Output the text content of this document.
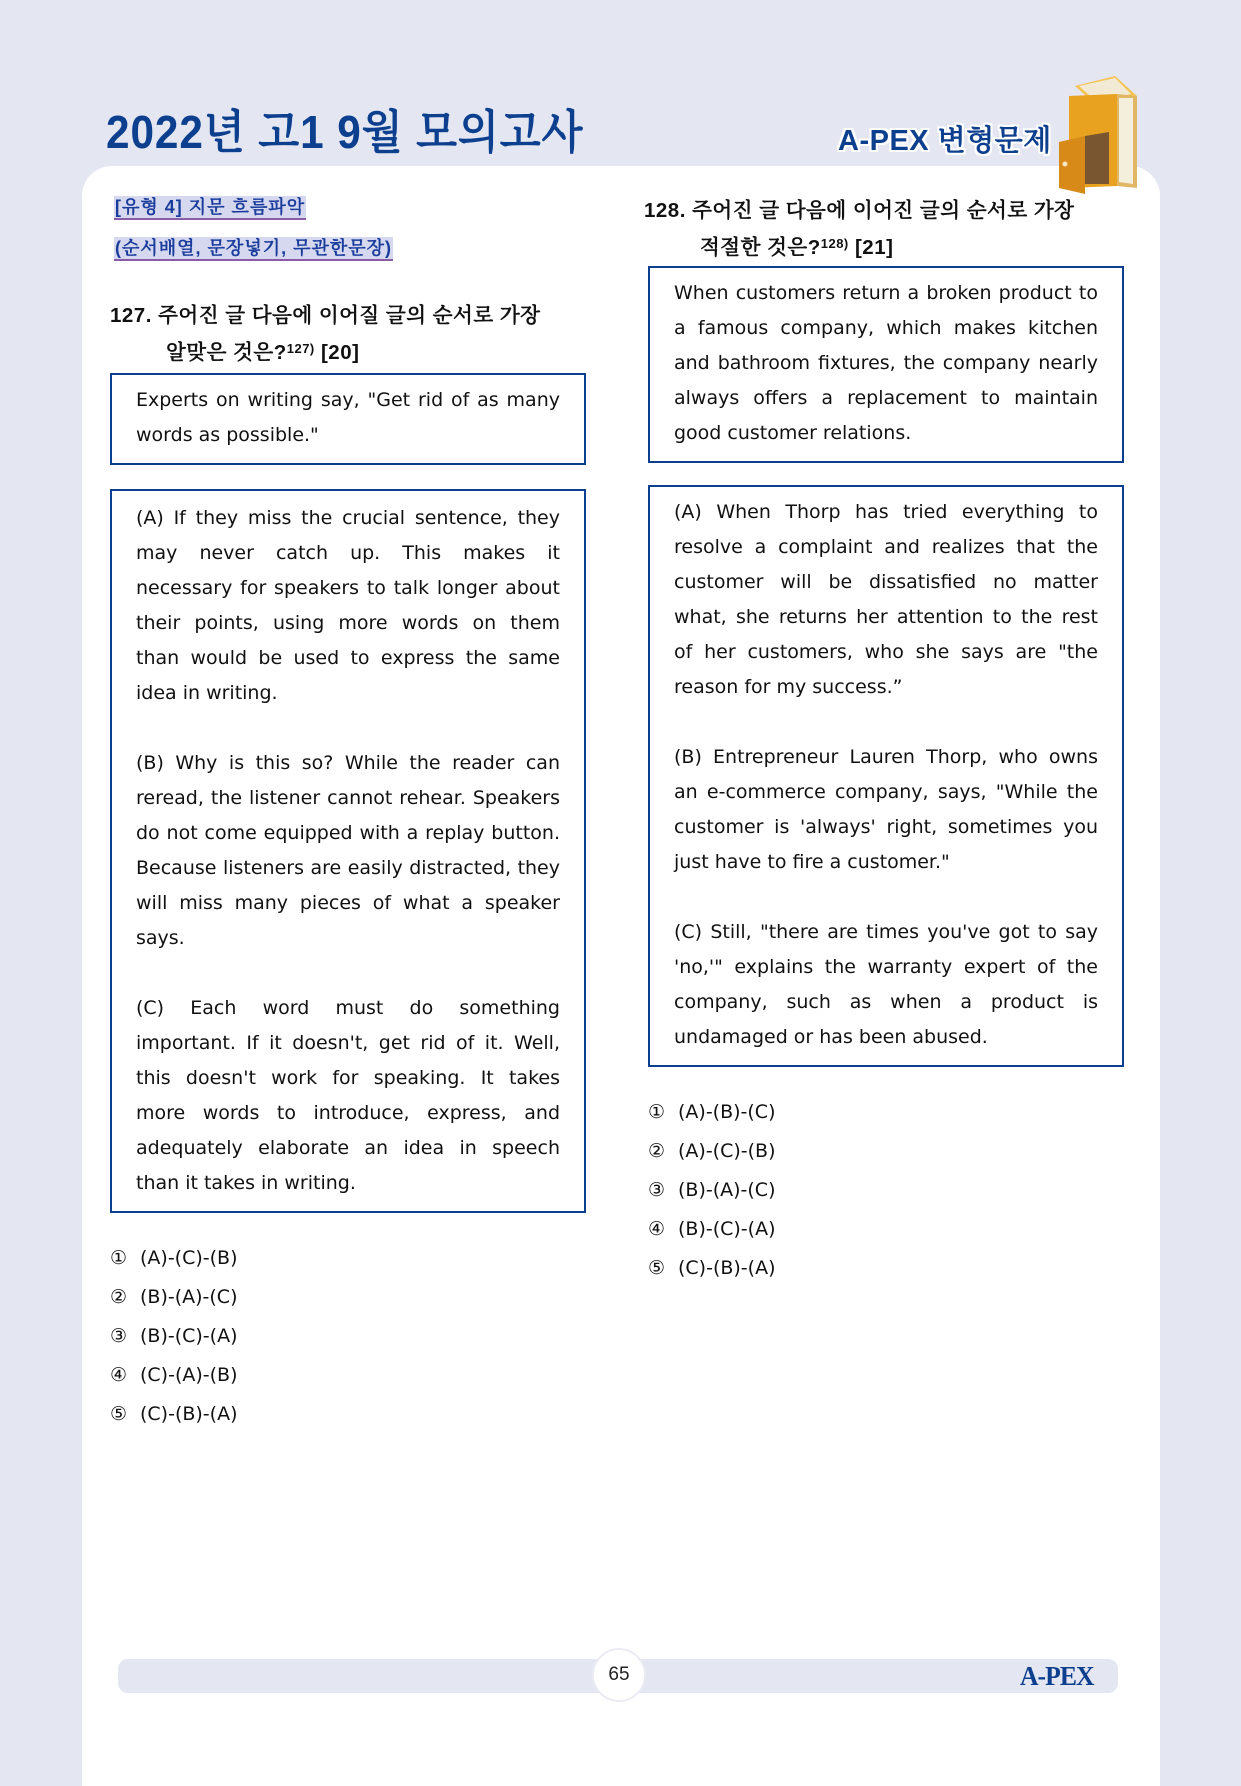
2022년 고1 9월 모의고사	A-PEX 변형문제
[유형 4] 지문 흐름파악
(순서배열, 문장넣기, 무관한문장)
127. 주어진 글 다음에 이어질 글의 순서로 가장
알맞은 것은?$^{127)}$ [20]

Experts on writing say, "Get rid of as many words as possible."

(A) If they miss the crucial sentence, they may never catch up. This makes it necessary for speakers to talk longer about their points, using more words on them than would be used to express the same idea in writing.

(B) Why is this so? While the reader can reread, the listener cannot rehear. Speakers do not come equipped with a replay button. Because listeners are easily distracted, they will miss many pieces of what a speaker says.

(C) Each word must do something important. If it doesn't, get rid of it. Well, this doesn't work for speaking. It takes more words to introduce, express, and adequately elaborate an idea in speech than it takes in writing.

① (A)-(C)-(B)
② (B)-(A)-(C)
③ (B)-(C)-(A)
④ (C)-(A)-(B)
⑤ (C)-(B)-(A)
128. 주어진 글 다음에 이어진 글의 순서로 가장
적절한 것은?$^{128)}$ [21]

When customers return a broken product to a famous company, which makes kitchen and bathroom fixtures, the company nearly always offers a replacement to maintain good customer relations.

(A) When Thorp has tried everything to resolve a complaint and realizes that the customer will be dissatisfied no matter what, she returns her attention to the rest of her customers, who she says are "the reason for my success.”

(B) Entrepreneur Lauren Thorp, who owns an e-commerce company, says, "While the customer is 'always' right, sometimes you just have to fire a customer."

(C) Still, "there are times you've got to say 'no,'" explains the warranty expert of the company, such as when a product is undamaged or has been abused.

① (A)-(B)-(C)
② (A)-(C)-(B)
③ (B)-(A)-(C)
④ (B)-(C)-(A)
⑤ (C)-(B)-(A)
65	A-PEX
